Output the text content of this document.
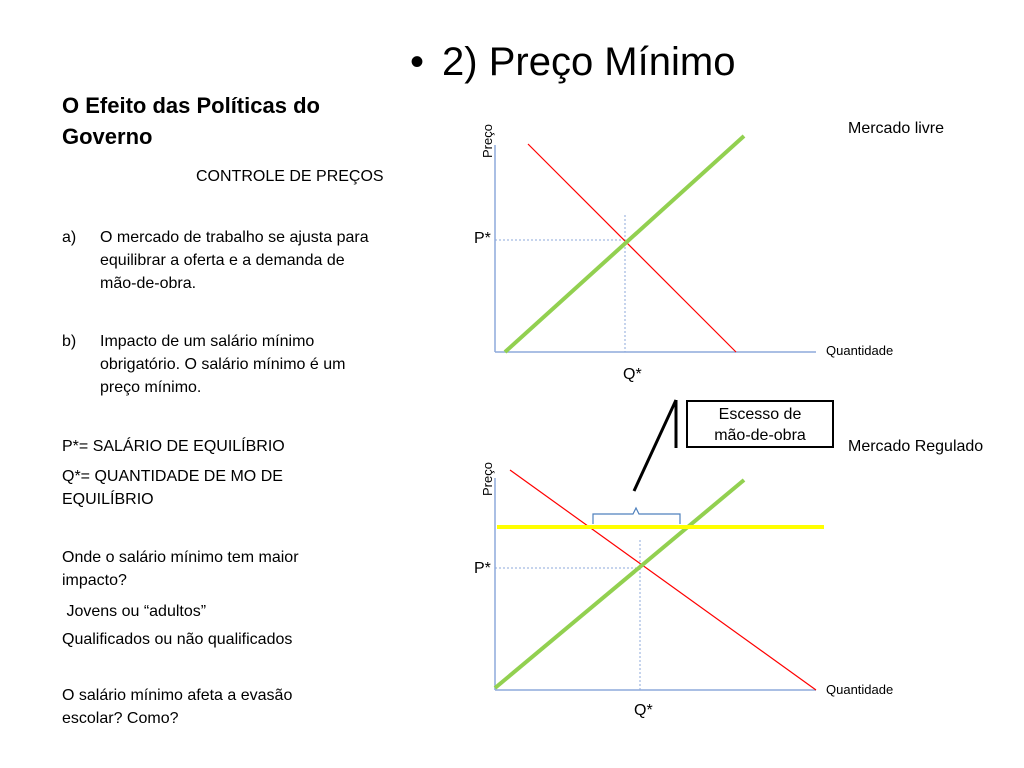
• 2) Preço Mínimo
O Efeito das Políticas do Governo
CONTROLE DE PREÇOS
a) O mercado de trabalho se ajusta para equilibrar a oferta e a demanda de mão-de-obra.
b) Impacto de um salário mínimo obrigatório. O salário mínimo é um preço mínimo.
P*= SALÁRIO DE EQUILÍBRIO
Q*= QUANTIDADE DE MO DE EQUILÍBRIO
Onde o salário mínimo tem maior impacto?
Jovens ou “adultos”
Qualificados ou não qualificados
O salário mínimo afeta a evasão escolar? Como?
Mercado livre
Preço
Quantidade
P*
Q*
Mercado Regulado
Preço
Quantidade
P*
Q*
Escesso de
mão-de-obra
